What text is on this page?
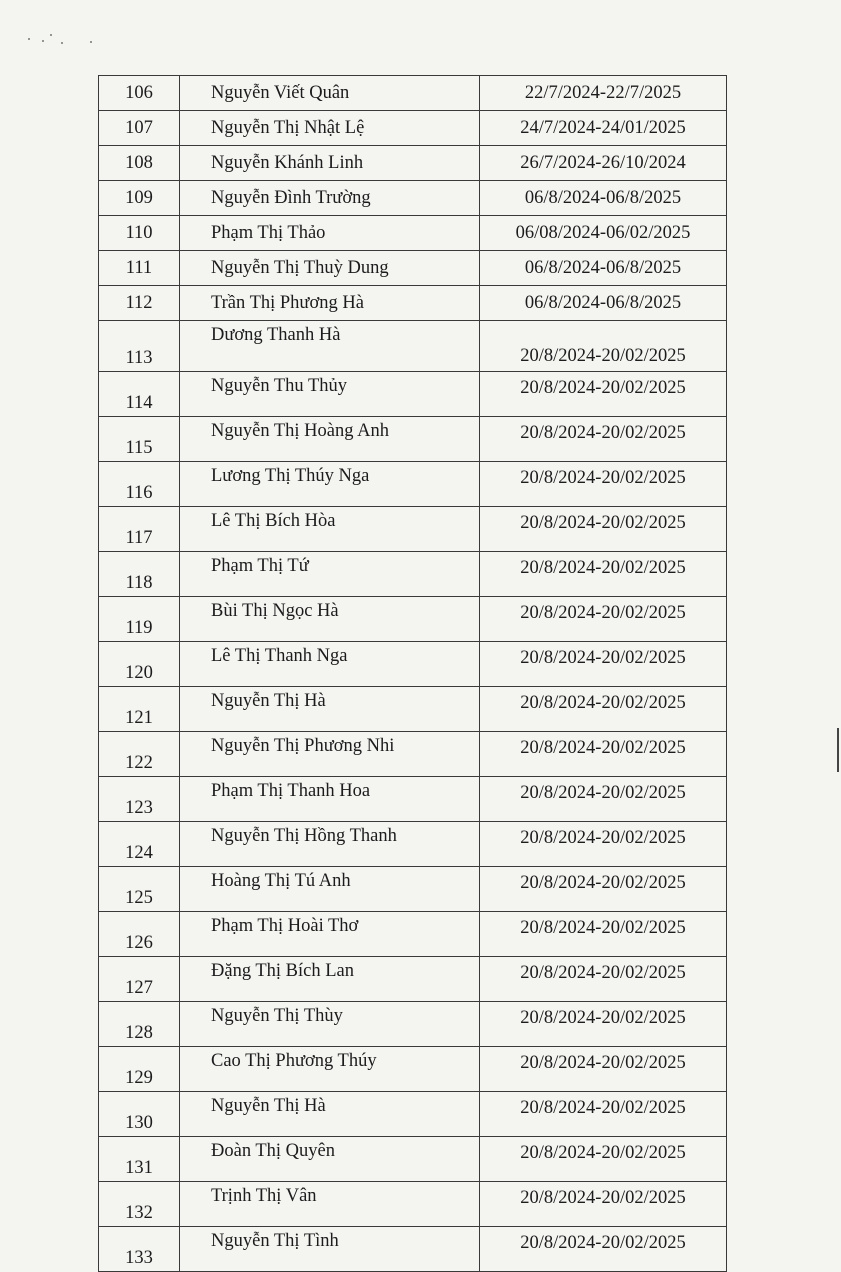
106	Nguyễn Viết Quân	22/7/2024-22/7/2025
107	Nguyễn Thị Nhật Lệ	24/7/2024-24/01/2025
108	Nguyễn Khánh Linh	26/7/2024-26/10/2024
109	Nguyễn Đình Trường	06/8/2024-06/8/2025
110	Phạm Thị Thảo	06/08/2024-06/02/2025
111	Nguyễn Thị Thuỳ Dung	06/8/2024-06/8/2025
112	Trần Thị Phương Hà	06/8/2024-06/8/2025
113	Dương Thanh Hà	20/8/2024-20/02/2025
114	Nguyễn Thu Thủy	20/8/2024-20/02/2025
115	Nguyễn Thị Hoàng Anh	20/8/2024-20/02/2025
116	Lương Thị Thúy Nga	20/8/2024-20/02/2025
117	Lê Thị Bích Hòa	20/8/2024-20/02/2025
118	Phạm Thị Tứ	20/8/2024-20/02/2025
119	Bùi Thị Ngọc Hà	20/8/2024-20/02/2025
120	Lê Thị Thanh Nga	20/8/2024-20/02/2025
121	Nguyễn Thị Hà	20/8/2024-20/02/2025
122	Nguyễn Thị Phương Nhi	20/8/2024-20/02/2025
123	Phạm Thị Thanh Hoa	20/8/2024-20/02/2025
124	Nguyễn Thị Hồng Thanh	20/8/2024-20/02/2025
125	Hoàng Thị Tú Anh	20/8/2024-20/02/2025
126	Phạm Thị Hoài Thơ	20/8/2024-20/02/2025
127	Đặng Thị Bích Lan	20/8/2024-20/02/2025
128	Nguyễn Thị Thùy	20/8/2024-20/02/2025
129	Cao Thị Phương Thúy	20/8/2024-20/02/2025
130	Nguyễn Thị Hà	20/8/2024-20/02/2025
131	Đoàn Thị Quyên	20/8/2024-20/02/2025
132	Trịnh Thị Vân	20/8/2024-20/02/2025
133	Nguyễn Thị Tình	20/8/2024-20/02/2025
